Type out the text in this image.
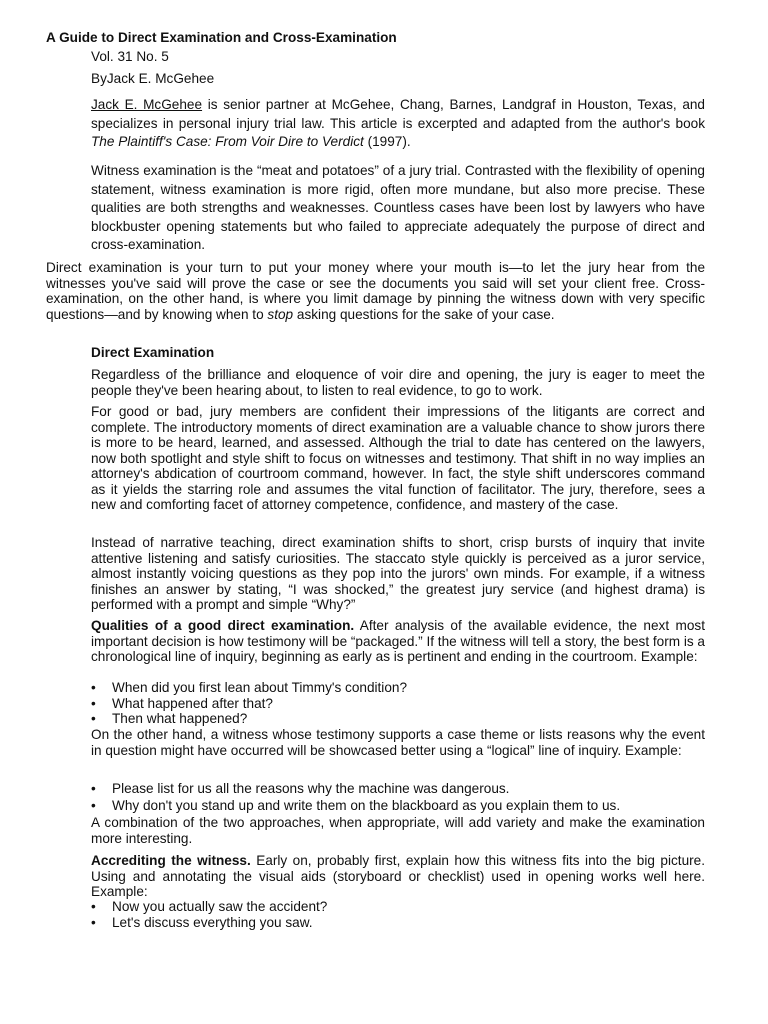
A Guide to Direct Examination and Cross-Examination
Vol. 31 No. 5
ByJack E. McGehee

Jack E. McGehee is senior partner at McGehee, Chang, Barnes, Landgraf in Houston, Texas, and specializes in personal injury trial law. This article is excerpted and adapted from the author's book The Plaintiff's Case: From Voir Dire to Verdict (1997).

Witness examination is the “meat and potatoes” of a jury trial. Contrasted with the flexibility of opening statement, witness examination is more rigid, often more mundane, but also more precise. These qualities are both strengths and weaknesses. Countless cases have been lost by lawyers who have blockbuster opening statements but who failed to appreciate adequately the purpose of direct and cross-examination.

Direct examination is your turn to put your money where your mouth is—to let the jury hear from the witnesses you've said will prove the case or see the documents you said will set your client free. Cross-examination, on the other hand, is where you limit damage by pinning the witness down with very specific questions—and by knowing when to stop asking questions for the sake of your case.

Direct Examination

Regardless of the brilliance and eloquence of voir dire and opening, the jury is eager to meet the people they've been hearing about, to listen to real evidence, to go to work.

For good or bad, jury members are confident their impressions of the litigants are correct and complete. The introductory moments of direct examination are a valuable chance to show jurors there is more to be heard, learned, and assessed. Although the trial to date has centered on the lawyers, now both spotlight and style shift to focus on witnesses and testimony. That shift in no way implies an attorney's abdication of courtroom command, however. In fact, the style shift underscores command as it yields the starring role and assumes the vital function of facilitator. The jury, therefore, sees a new and comforting facet of attorney competence, confidence, and mastery of the case.

Instead of narrative teaching, direct examination shifts to short, crisp bursts of inquiry that invite attentive listening and satisfy curiosities. The staccato style quickly is perceived as a juror service, almost instantly voicing questions as they pop into the jurors' own minds. For example, if a witness finishes an answer by stating, “I was shocked,” the greatest jury service (and highest drama) is performed with a prompt and simple “Why?”

Qualities of a good direct examination. After analysis of the available evidence, the next most important decision is how testimony will be “packaged.” If the witness will tell a story, the best form is a chronological line of inquiry, beginning as early as is pertinent and ending in the courtroom. Example:

• When did you first lean about Timmy's condition?
• What happened after that?
• Then what happened?

On the other hand, a witness whose testimony supports a case theme or lists reasons why the event in question might have occurred will be showcased better using a “logical” line of inquiry. Example:

• Please list for us all the reasons why the machine was dangerous.
• Why don't you stand up and write them on the blackboard as you explain them to us.

A combination of the two approaches, when appropriate, will add variety and make the examination more interesting.

Accrediting the witness. Early on, probably first, explain how this witness fits into the big picture. Using and annotating the visual aids (storyboard or checklist) used in opening works well here. Example:

• Now you actually saw the accident?
• Let's discuss everything you saw.
